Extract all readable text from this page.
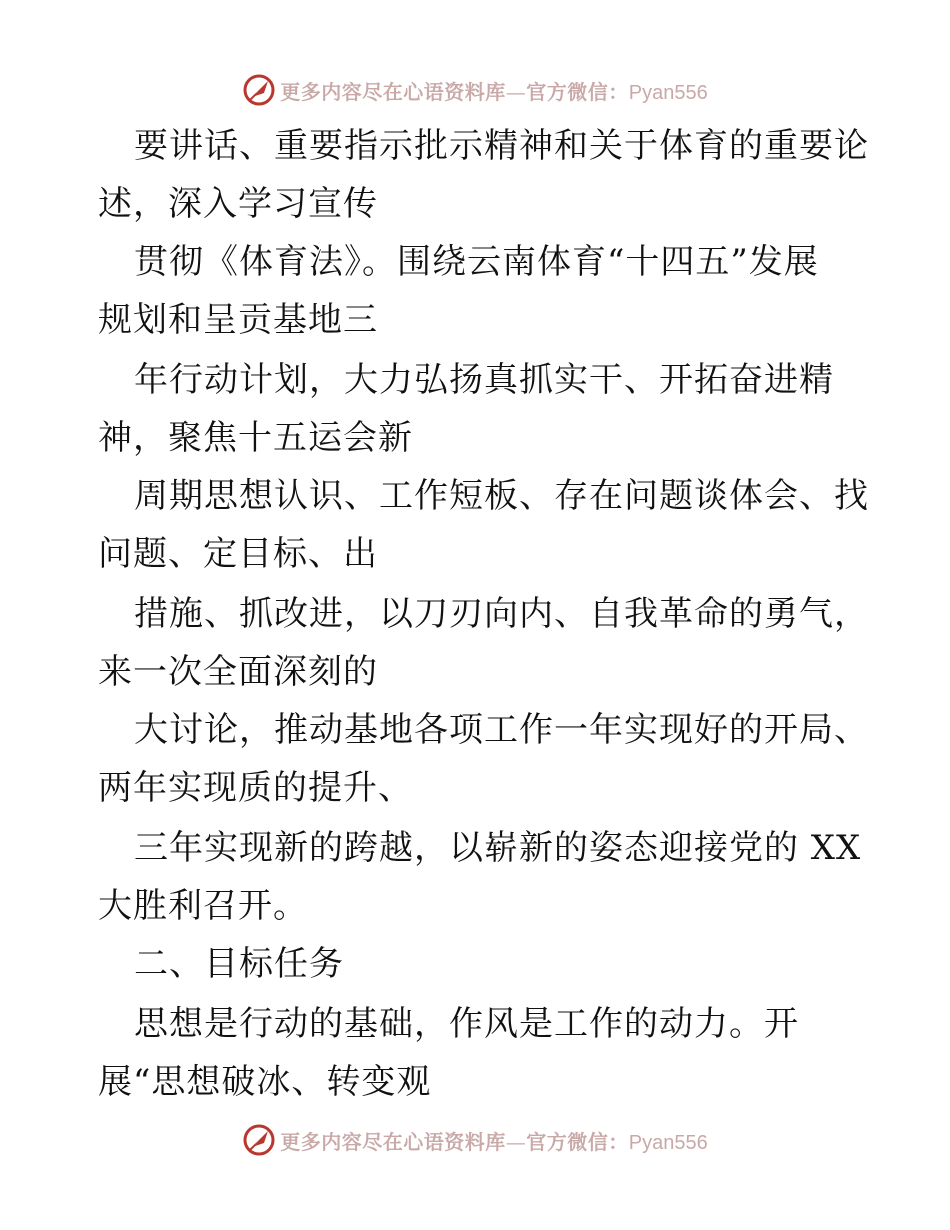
更多内容尽在心语资料库—官方微信：Pyan556
要讲话、重要指示批示精神和关于体育的重要论
述，深入学习宣传
贯彻《体育法》。围绕云南体育“十四五”发展
规划和呈贡基地三
年行动计划，大力弘扬真抓实干、开拓奋进精
神，聚焦十五运会新
周期思想认识、工作短板、存在问题谈体会、找
问题、定目标、出
措施、抓改进，以刀刃向内、自我革命的勇气，
来一次全面深刻的
大讨论，推动基地各项工作一年实现好的开局、
两年实现质的提升、
三年实现新的跨越，以崭新的姿态迎接党的 XX
大胜利召开。
二、目标任务
思想是行动的基础，作风是工作的动力。开
展“思想破冰、转变观
更多内容尽在心语资料库—官方微信：Pyan556
